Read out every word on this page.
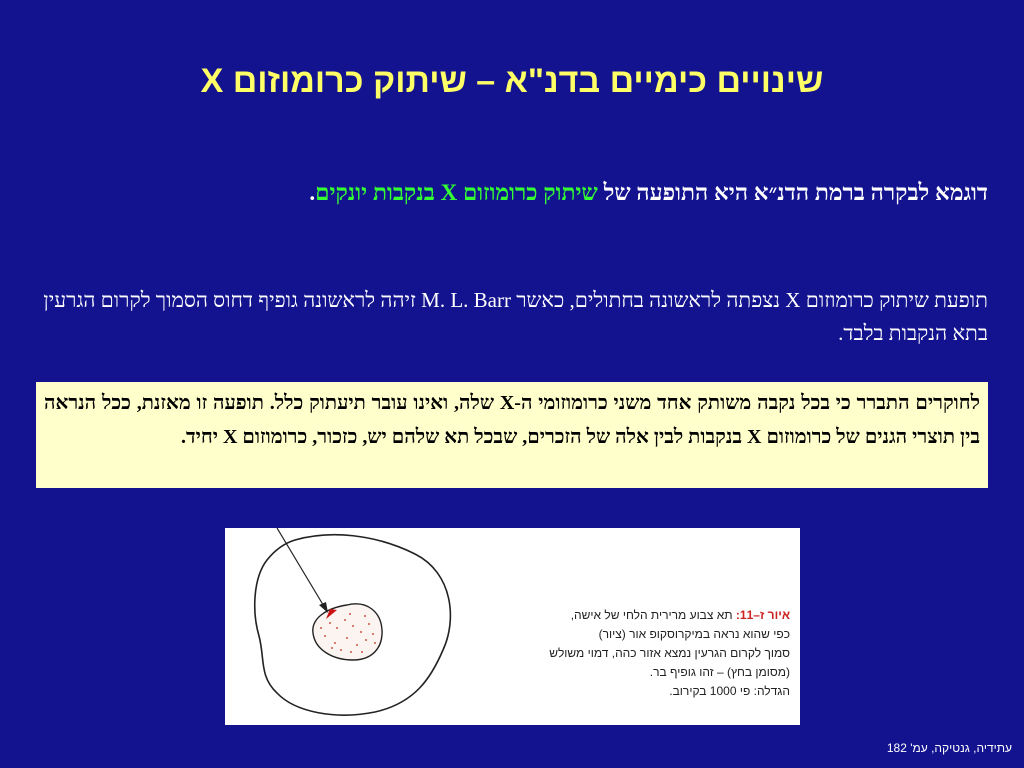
שינויים כימיים בדנ"א – שיתוק כרומוזום X
דוגמא לבקרה ברמת הדנ״א היא התופעה של שיתוק כרומוזום X בנקבות יונקים.
תופעת שיתוק כרומוזום X נצפתה לראשונה בחתולים, כאשר M. L. Barr זיהה לראשונה גופיף דחוס הסמוך לקרום הגרעין בתא הנקבות בלבד.
לחוקרים התברר כי בכל נקבה משותק אחד משני כרומוזומי ה-X שלה, ואינו עובר תיעתוק כלל. תופעה זו מאזנת, ככל הנראה בין תוצרי הגנים של כרומוזום X בנקבות לבין אלה של הזכרים, שבכל תא שלהם יש, כזכור, כרומוזום X יחיד.
איור ז–11: תא צבוע מרירית הלחי של אישה,
כפי שהוא נראה במיקרוסקופ אור (ציור)
סמוך לקרום הגרעין נמצא אזור כהה, דמוי משולש
(מסומן בחץ) – זהו גופיף בר.
הגדלה: פי 1000 בקירוב.
עתידיה, גנטיקה, עמ' 182
